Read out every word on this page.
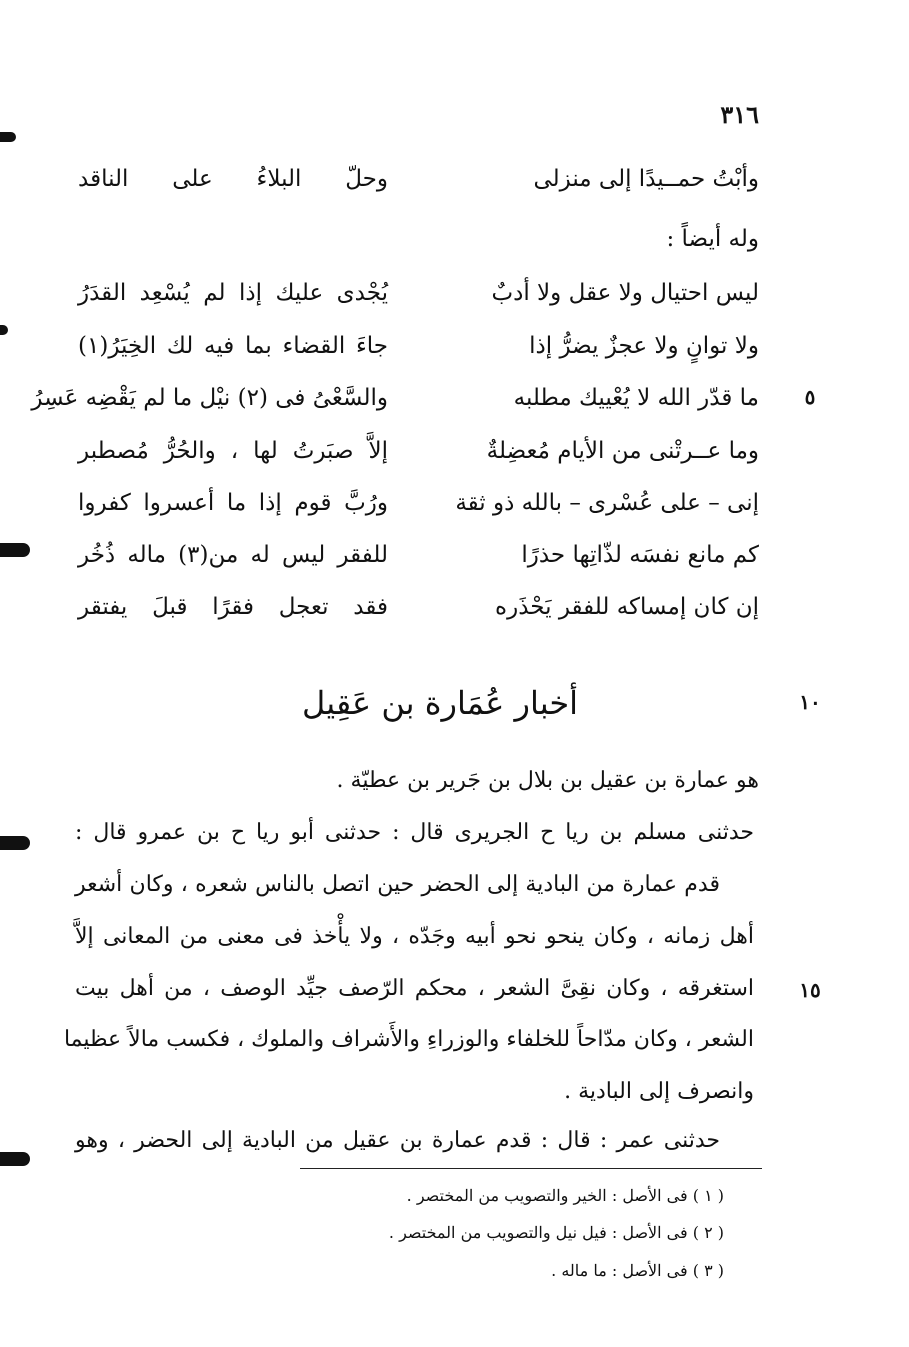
٣١٦
وأبْتُ حمــيدًا إلى منزلى
وحلّ البلاءُ على الناقد
وله أيضاً :
ليس احتيال ولا عقل ولا أدبٌ
يُجْدى عليك إذا لم يُسْعِد القدَرُ
ولا توانٍ ولا عجزٌ يضرُّ إذا
جاءَ القضاء بما فيه لك الخِيَرُ(١)
ما قدّر الله لا يُعْييك مطلبه
والسَّعْىُ فى (٢) نيْل ما لم يَقْضِه عَسِرُ	٥
وما عــرتْنى من الأيام مُعضِلةٌ
إلاَّ صبَرتُ لها ، والحُرُّ مُصطبر
إنى – على عُسْرى – بالله ذو ثقة
ورُبَّ قوم إذا ما أعسروا كفروا
كم مانع نفسَه لذّاتِها حذرًا
للفقر ليس له من(٣) ماله ذُخُر
إن كان إمساكه للفقر يَحْذَره
فقد تعجل فقرًا قبلَ يفتقر
أخبار عُمَارة بن عَقِيل	١٠
هو عمارة بن عقيل بن بلال بن جَرير بن عطيّة .
حدثنى مسلم بن ريا ح الجريرى قال : حدثنى أبو ريا ح بن عمرو قال :
قدم عمارة من البادية إلى الحضر حين اتصل بالناس شعره ، وكان أشعر
أهل زمانه ، وكان ينحو نحو أبيه وجَدّه ، ولا يأْخذ فى معنى من المعانى إلاَّ
استغرقه ، وكان نقِىَّ الشعر ، محكم الرّصف جيِّد الوصف ، من أهل بيت	١٥
الشعر ، وكان مدّاحاً للخلفاء والوزراءِ والأَشراف والملوك ، فكسب مالاً عظيما
وانصرف إلى البادية .
حدثنى عمر : قال : قدم عمارة بن عقيل من البادية إلى الحضر ، وهو
( ١ ) فى الأصل : الخير والتصويب من المختصر .
( ٢ ) فى الأصل : فيل نيل والتصويب من المختصر .
( ٣ ) فى الأصل : ما ماله .
